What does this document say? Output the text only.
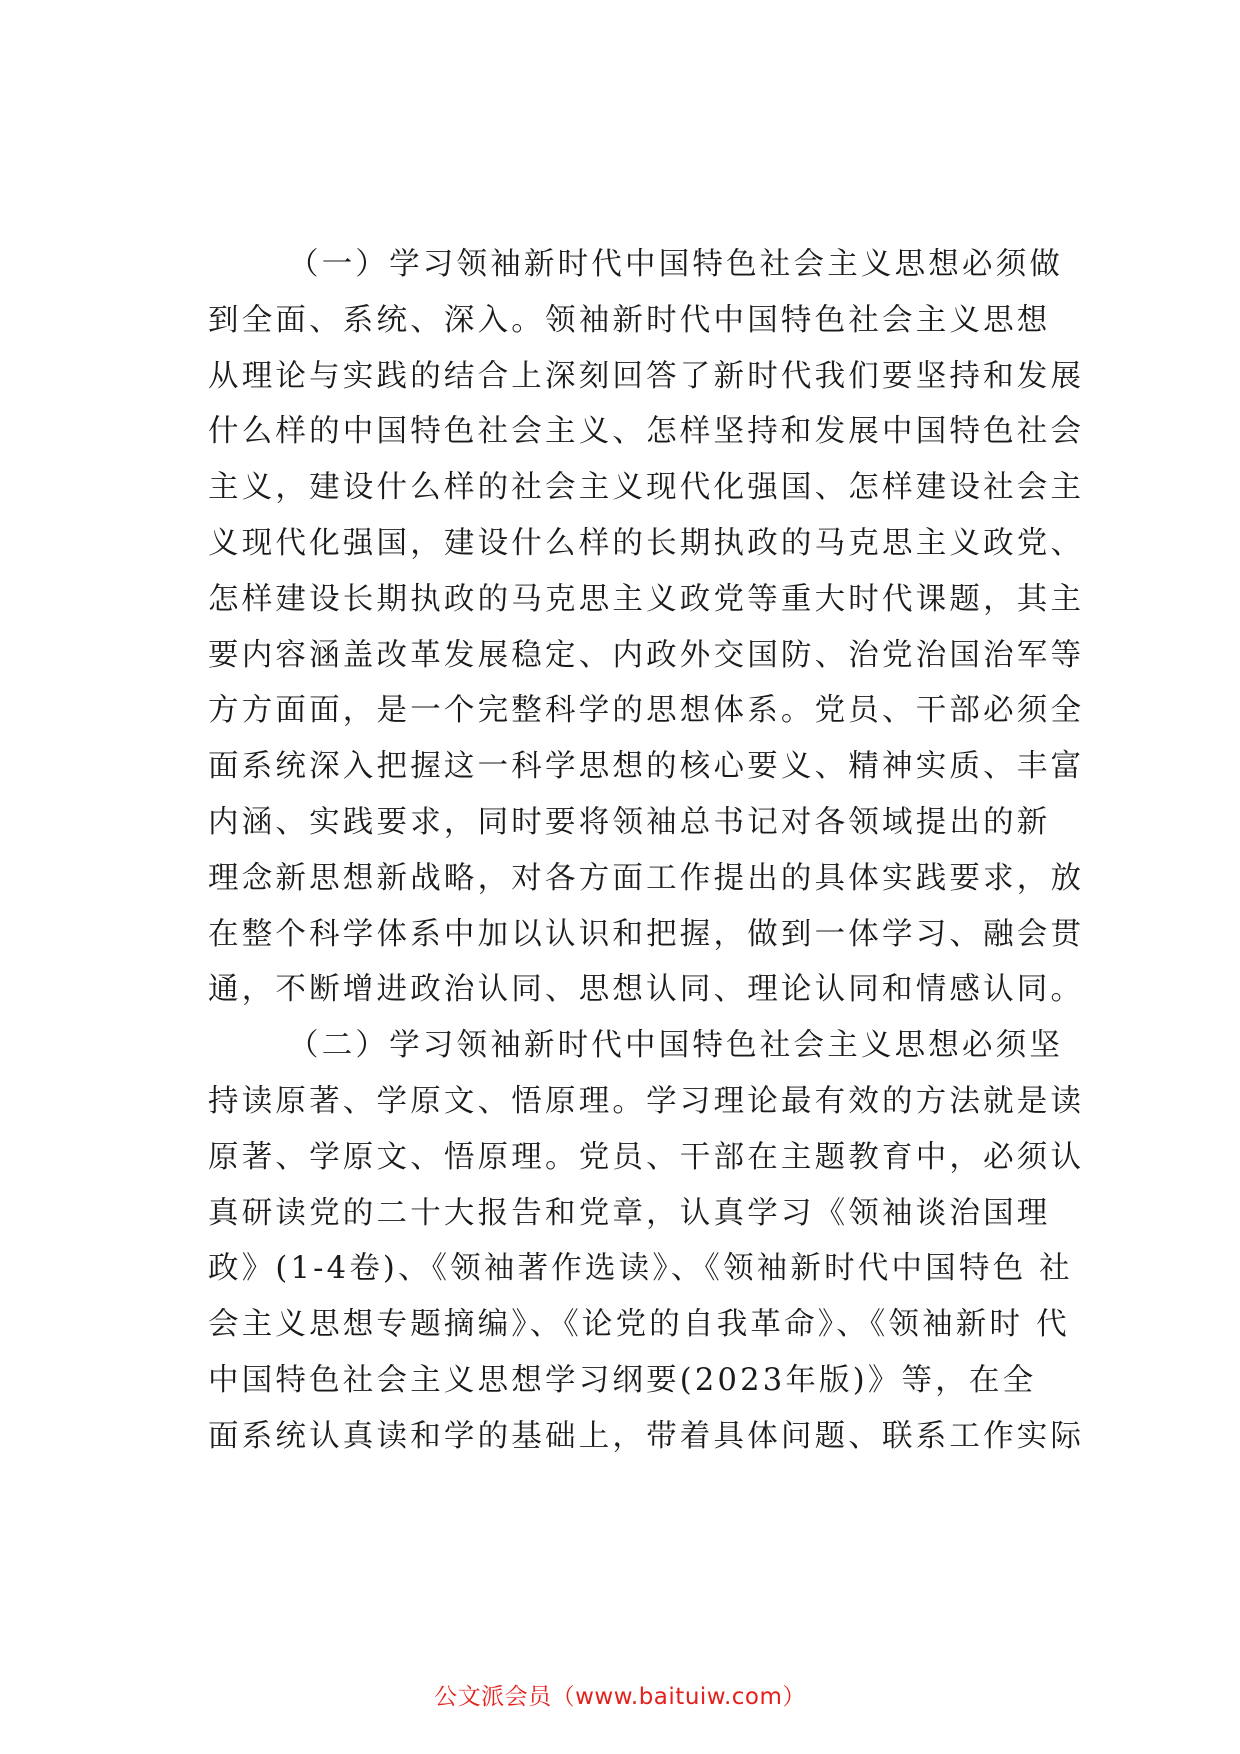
（一）学习领袖新时代中国特色社会主义思想必须做
到全面、系统、深入。领袖新时代中国特色社会主义思想
从理论与实践的结合上深刻回答了新时代我们要坚持和发展
什么样的中国特色社会主义、怎样坚持和发展中国特色社会
主义，建设什么样的社会主义现代化强国、怎样建设社会主
义现代化强国，建设什么样的长期执政的马克思主义政党、
怎样建设长期执政的马克思主义政党等重大时代课题，其主
要内容涵盖改革发展稳定、内政外交国防、治党治国治军等
方方面面，是一个完整科学的思想体系。党员、干部必须全
面系统深入把握这一科学思想的核心要义、精神实质、丰富
内涵、实践要求，同时要将领袖总书记对各领域提出的新
理念新思想新战略，对各方面工作提出的具体实践要求，放
在整个科学体系中加以认识和把握，做到一体学习、融会贯
通，不断增进政治认同、思想认同、理论认同和情感认同。
（二）学习领袖新时代中国特色社会主义思想必须坚
持读原著、学原文、悟原理。学习理论最有效的方法就是读
原著、学原文、悟原理。党员、干部在主题教育中，必须认
真研读党的二十大报告和党章，认真学习《领袖谈治国理
政》(1-4卷)、《领袖著作选读》、《领袖新时代中国特色 社
会主义思想专题摘编》、《论党的自我革命》、《领袖新时 代
中国特色社会主义思想学习纲要(2023年版)》等，在全
面系统认真读和学的基础上，带着具体问题、联系工作实际
公文派会员（www.baituiw.com）
